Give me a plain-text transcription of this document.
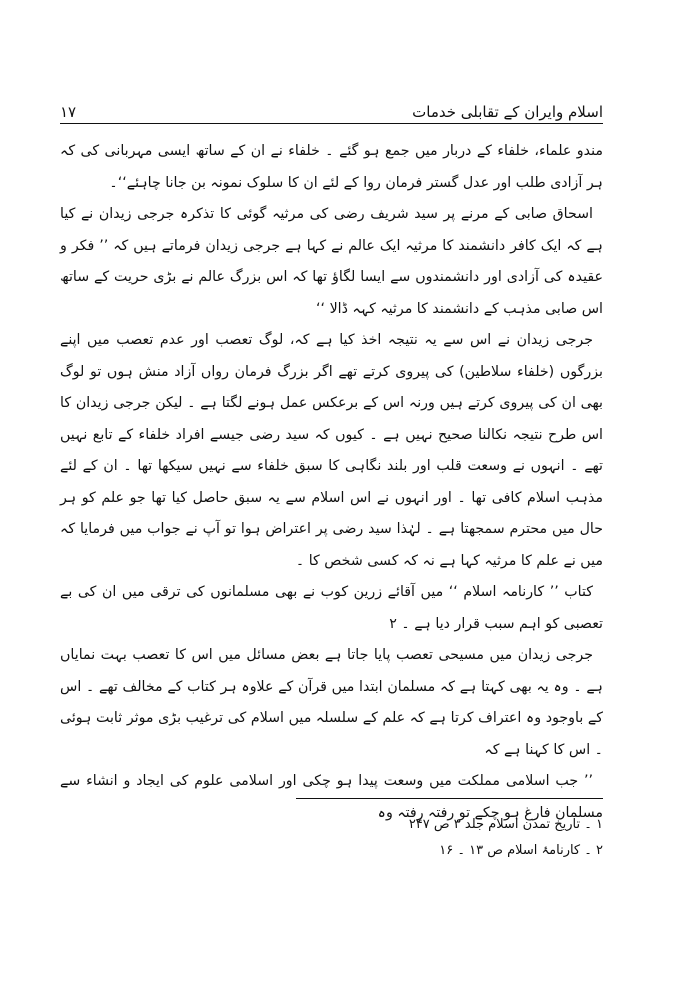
اسلام وایران کے تقابلی خدمات
۱۷

مندو علماء، خلفاء کے دربار میں جمع ہو گئے ۔ خلفاء نے ان کے ساتھ ایسی مہربانی کی کہ ہر آزادی طلب اور عدل گستر فرمان روا کے لئے ان کا سلوک نمونہ بن جانا چاہئے‘‘۔

اسحاق صابی کے مرنے پر سید شریف رضی کی مرثیہ گوئی کا تذکرہ جرجی زیدان نے کیا ہے کہ ایک کافر دانشمند کا مرثیہ ایک عالم نے کہا ہے جرجی زیدان فرماتے ہیں کہ ’’ فکر و عقیدہ کی آزادی اور دانشمندوں سے ایسا لگاؤ تھا کہ اس بزرگ عالم نے بڑی حریت کے ساتھ اس صابی مذہب کے دانشمند کا مرثیہ کہہ ڈالا ‘‘

جرجی زیدان نے اس سے یہ نتیجہ اخذ کیا ہے کہ، لوگ تعصب اور عدم تعصب میں اپنے بزرگوں (خلفاء سلاطین) کی پیروی کرتے تھے اگر بزرگ فرمان رواں آزاد منش ہوں تو لوگ بھی ان کی پیروی کرتے ہیں ورنہ اس کے برعکس عمل ہونے لگتا ہے ۔ لیکن جرجی زیدان کا اس طرح نتیجہ نکالنا صحیح نہیں ہے ۔ کیوں کہ سید رضی جیسے افراد خلفاء کے تابع نہیں تھے ۔ انہوں نے وسعت قلب اور بلند نگاہی کا سبق خلفاء سے نہیں سیکھا تھا ۔ ان کے لئے مذہب اسلام کافی تھا ۔ اور انہوں نے اس اسلام سے یہ سبق حاصل کیا تھا جو علم کو ہر حال میں محترم سمجھتا ہے ۔ لہٰذا سید رضی پر اعتراض ہوا تو آپ نے جواب میں فرمایا کہ میں نے علم کا مرثیہ کہا ہے نہ کہ کسی شخص کا ۔

کتاب ’’ کارنامہ اسلام ‘‘ میں آقائے زرین کوب نے بھی مسلمانوں کی ترقی میں ان کی بے تعصبی کو اہم سبب قرار دیا ہے ۔ ۲

جرجی زیدان میں مسیحی تعصب پایا جاتا ہے بعض مسائل میں اس کا تعصب بہت نمایاں ہے ۔ وہ یہ بھی کہتا ہے کہ مسلمان ابتدا میں قرآن کے علاوہ ہر کتاب کے مخالف تھے ۔ اس کے باوجود وہ اعتراف کرتا ہے کہ علم کے سلسلہ میں اسلام کی ترغیب بڑی موثر ثابت ہوئی ۔ اس کا کہنا ہے کہ

’’ جب اسلامی مملکت میں وسعت پیدا ہو چکی اور اسلامی علوم کی ایجاد و انشاء سے مسلمان فارغ ہو چکے تو رفتہ رفتہ وہ

۱ ۔ تاریخ تمدن اسلام جلد ۳ ص ۲۴۷
۲ ۔ کارنامۂ اسلام ص ۱۳ ۔ ۱۶
